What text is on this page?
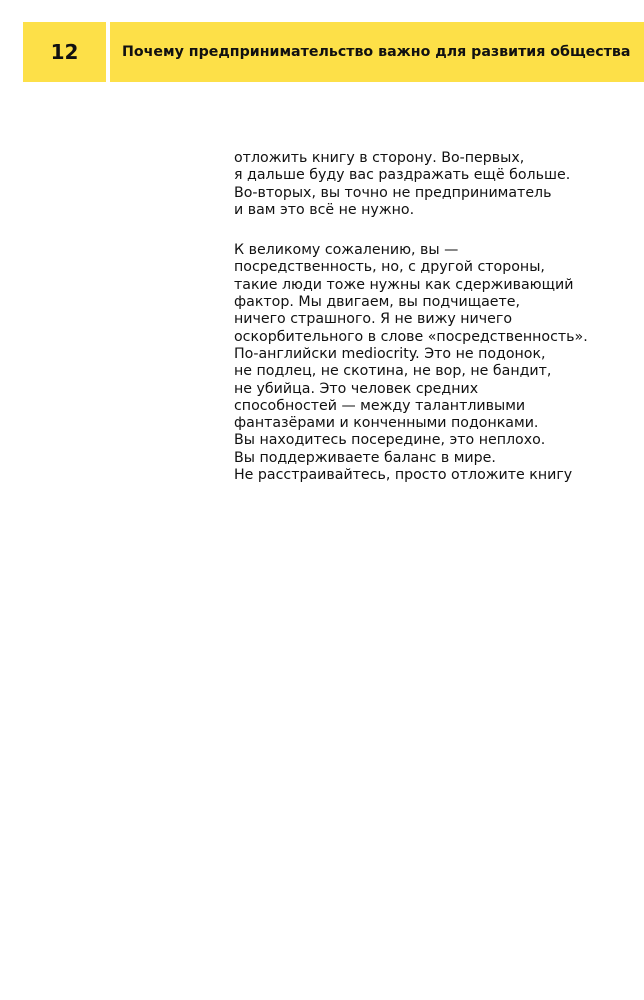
12	Почему предпринимательство важно для развития общества

отложить книгу в сторону. Во-первых,
я дальше буду вас раздражать ещё больше.
Во-вторых, вы точно не предприниматель
и вам это всё не нужно.

К великому сожалению, вы —
посредственность, но, с другой стороны,
такие люди тоже нужны как сдерживающий
фактор. Мы двигаем, вы подчищаете,
ничего страшного. Я не вижу ничего
оскорбительного в слове «посредственность».
По-английски mediocrity. Это не подонок,
не подлец, не скотина, не вор, не бандит,
не убийца. Это человек средних
способностей — между талантливыми
фантазёрами и конченными подонками.
Вы находитесь посередине, это неплохо.
Вы поддерживаете баланс в мире.
Не расстраивайтесь, просто отложите книгу
